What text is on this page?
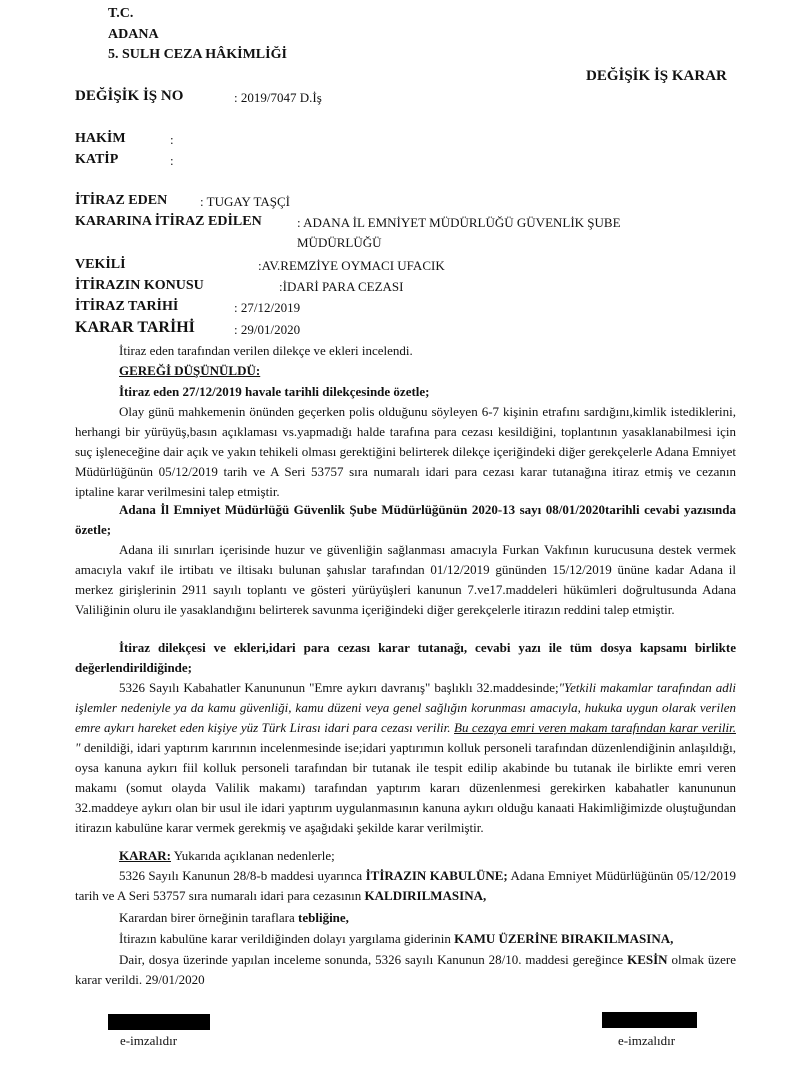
T.C.
ADANA
5. SULH CEZA HÂKİMLİĞİ
DEĞİŞİK İŞ KARAR
DEĞİŞİK İŞ NO	: 2019/7047 D.İş
HAKİM	:
KATİP	:
İTİRAZ EDEN	: TUGAY TAŞÇİ
KARARINA İTİRAZ EDİLEN	: ADANA İL EMNİYET MÜDÜRLÜĞÜ GÜVENLİK ŞUBE
MÜDÜRLÜĞÜ
VEKİLİ	:AV.REMZİYE OYMACI UFACIK
İTİRAZIN KONUSU	:İDARİ PARA CEZASI
İTİRAZ TARİHİ	: 27/12/2019
KARAR TARİHİ	: 29/01/2020

İtiraz eden tarafından verilen dilekçe ve ekleri incelendi.

GEREĞİ DÜŞÜNÜLDÜ:

İtiraz eden 27/12/2019 havale tarihli dilekçesinde özetle;

Olay günü mahkemenin önünden geçerken polis olduğunu söyleyen 6-7 kişinin etrafını sardığını,kimlik istediklerini, herhangi bir yürüyüş,basın açıklaması vs.yapmadığı halde tarafına para cezası kesildiğini, toplantının yasaklanabilmesi için suç işleneceğine dair açık ve yakın tehikeli olması gerektiğini belirterek dilekçe içeriğindeki diğer gerekçelerle Adana Emniyet Müdürlüğünün 05/12/2019 tarih ve A Seri 53757 sıra numaralı idari para cezası karar tutanağına itiraz etmiş ve cezanın iptaline karar verilmesini talep etmiştir.

Adana İl Emniyet Müdürlüğü Güvenlik Şube Müdürlüğünün 2020-13 sayı 08/01/2020tarihli cevabi yazısında özetle;

Adana ili sınırları içerisinde huzur ve güvenliğin sağlanması amacıyla Furkan Vakfının kurucusuna destek vermek amacıyla vakıf ile irtibatı ve iltisakı bulunan şahıslar tarafından 01/12/2019 gününden 15/12/2019 ününe kadar Adana il merkez girişlerinin 2911 sayılı toplantı ve gösteri yürüyüşleri kanunun 7.ve17.maddeleri hükümleri doğrultusunda Adana Valiliğinin oluru ile yasaklandığını belirterek savunma içeriğindeki diğer gerekçelerle itirazın reddini talep etmiştir.

İtiraz dilekçesi ve ekleri,idari para cezası karar tutanağı, cevabi yazı ile tüm dosya kapsamı birlikte değerlendirildiğinde;

5326 Sayılı Kabahatler Kanununun "Emre aykırı davranış" başlıklı 32.maddesinde;"Yetkili makamlar tarafından adli işlemler nedeniyle ya da kamu güvenliği, kamu düzeni veya genel sağlığın korunması amacıyla, hukuka uygun olarak verilen emre aykırı hareket eden kişiye yüz Türk Lirası idari para cezası verilir. Bu cezaya emri veren makam tarafından karar verilir. " denildiği, idari yaptırım karırının incelenmesinde ise;idari yaptırımın kolluk personeli tarafından düzenlendiğinin anlaşıldığı, oysa kanuna aykırı fiil kolluk personeli tarafından bir tutanak ile tespit edilip akabinde bu tutanak ile birlikte emri veren makamı (somut olayda Valilik makamı) tarafından yaptırım kararı düzenlenmesi gerekirken kabahatler kanununun 32.maddeye aykırı olan bir usul ile idari yaptırım uygulanmasının kanuna aykırı olduğu kanaati Hakimliğimizde oluştuğundan itirazın kabulüne karar vermek gerekmiş ve aşağıdaki şekilde karar verilmiştir.

KARAR: Yukarıda açıklanan nedenlerle;

5326 Sayılı Kanunun 28/8-b maddesi uyarınca İTİRAZIN KABULÜNE; Adana Emniyet Müdürlüğünün 05/12/2019 tarih ve A Seri 53757 sıra numaralı idari para cezasının KALDIRILMASINA,

Karardan birer örneğinin taraflara tebliğine,

İtirazın kabulüne karar verildiğinden dolayı yargılama giderinin KAMU ÜZERİNE BIRAKILMASINA,

Dair, dosya üzerinde yapılan inceleme sonunda, 5326 sayılı Kanunun 28/10. maddesi gereğince KESİN olmak üzere karar verildi. 29/01/2020

e-imzalıdır	e-imzalıdır
